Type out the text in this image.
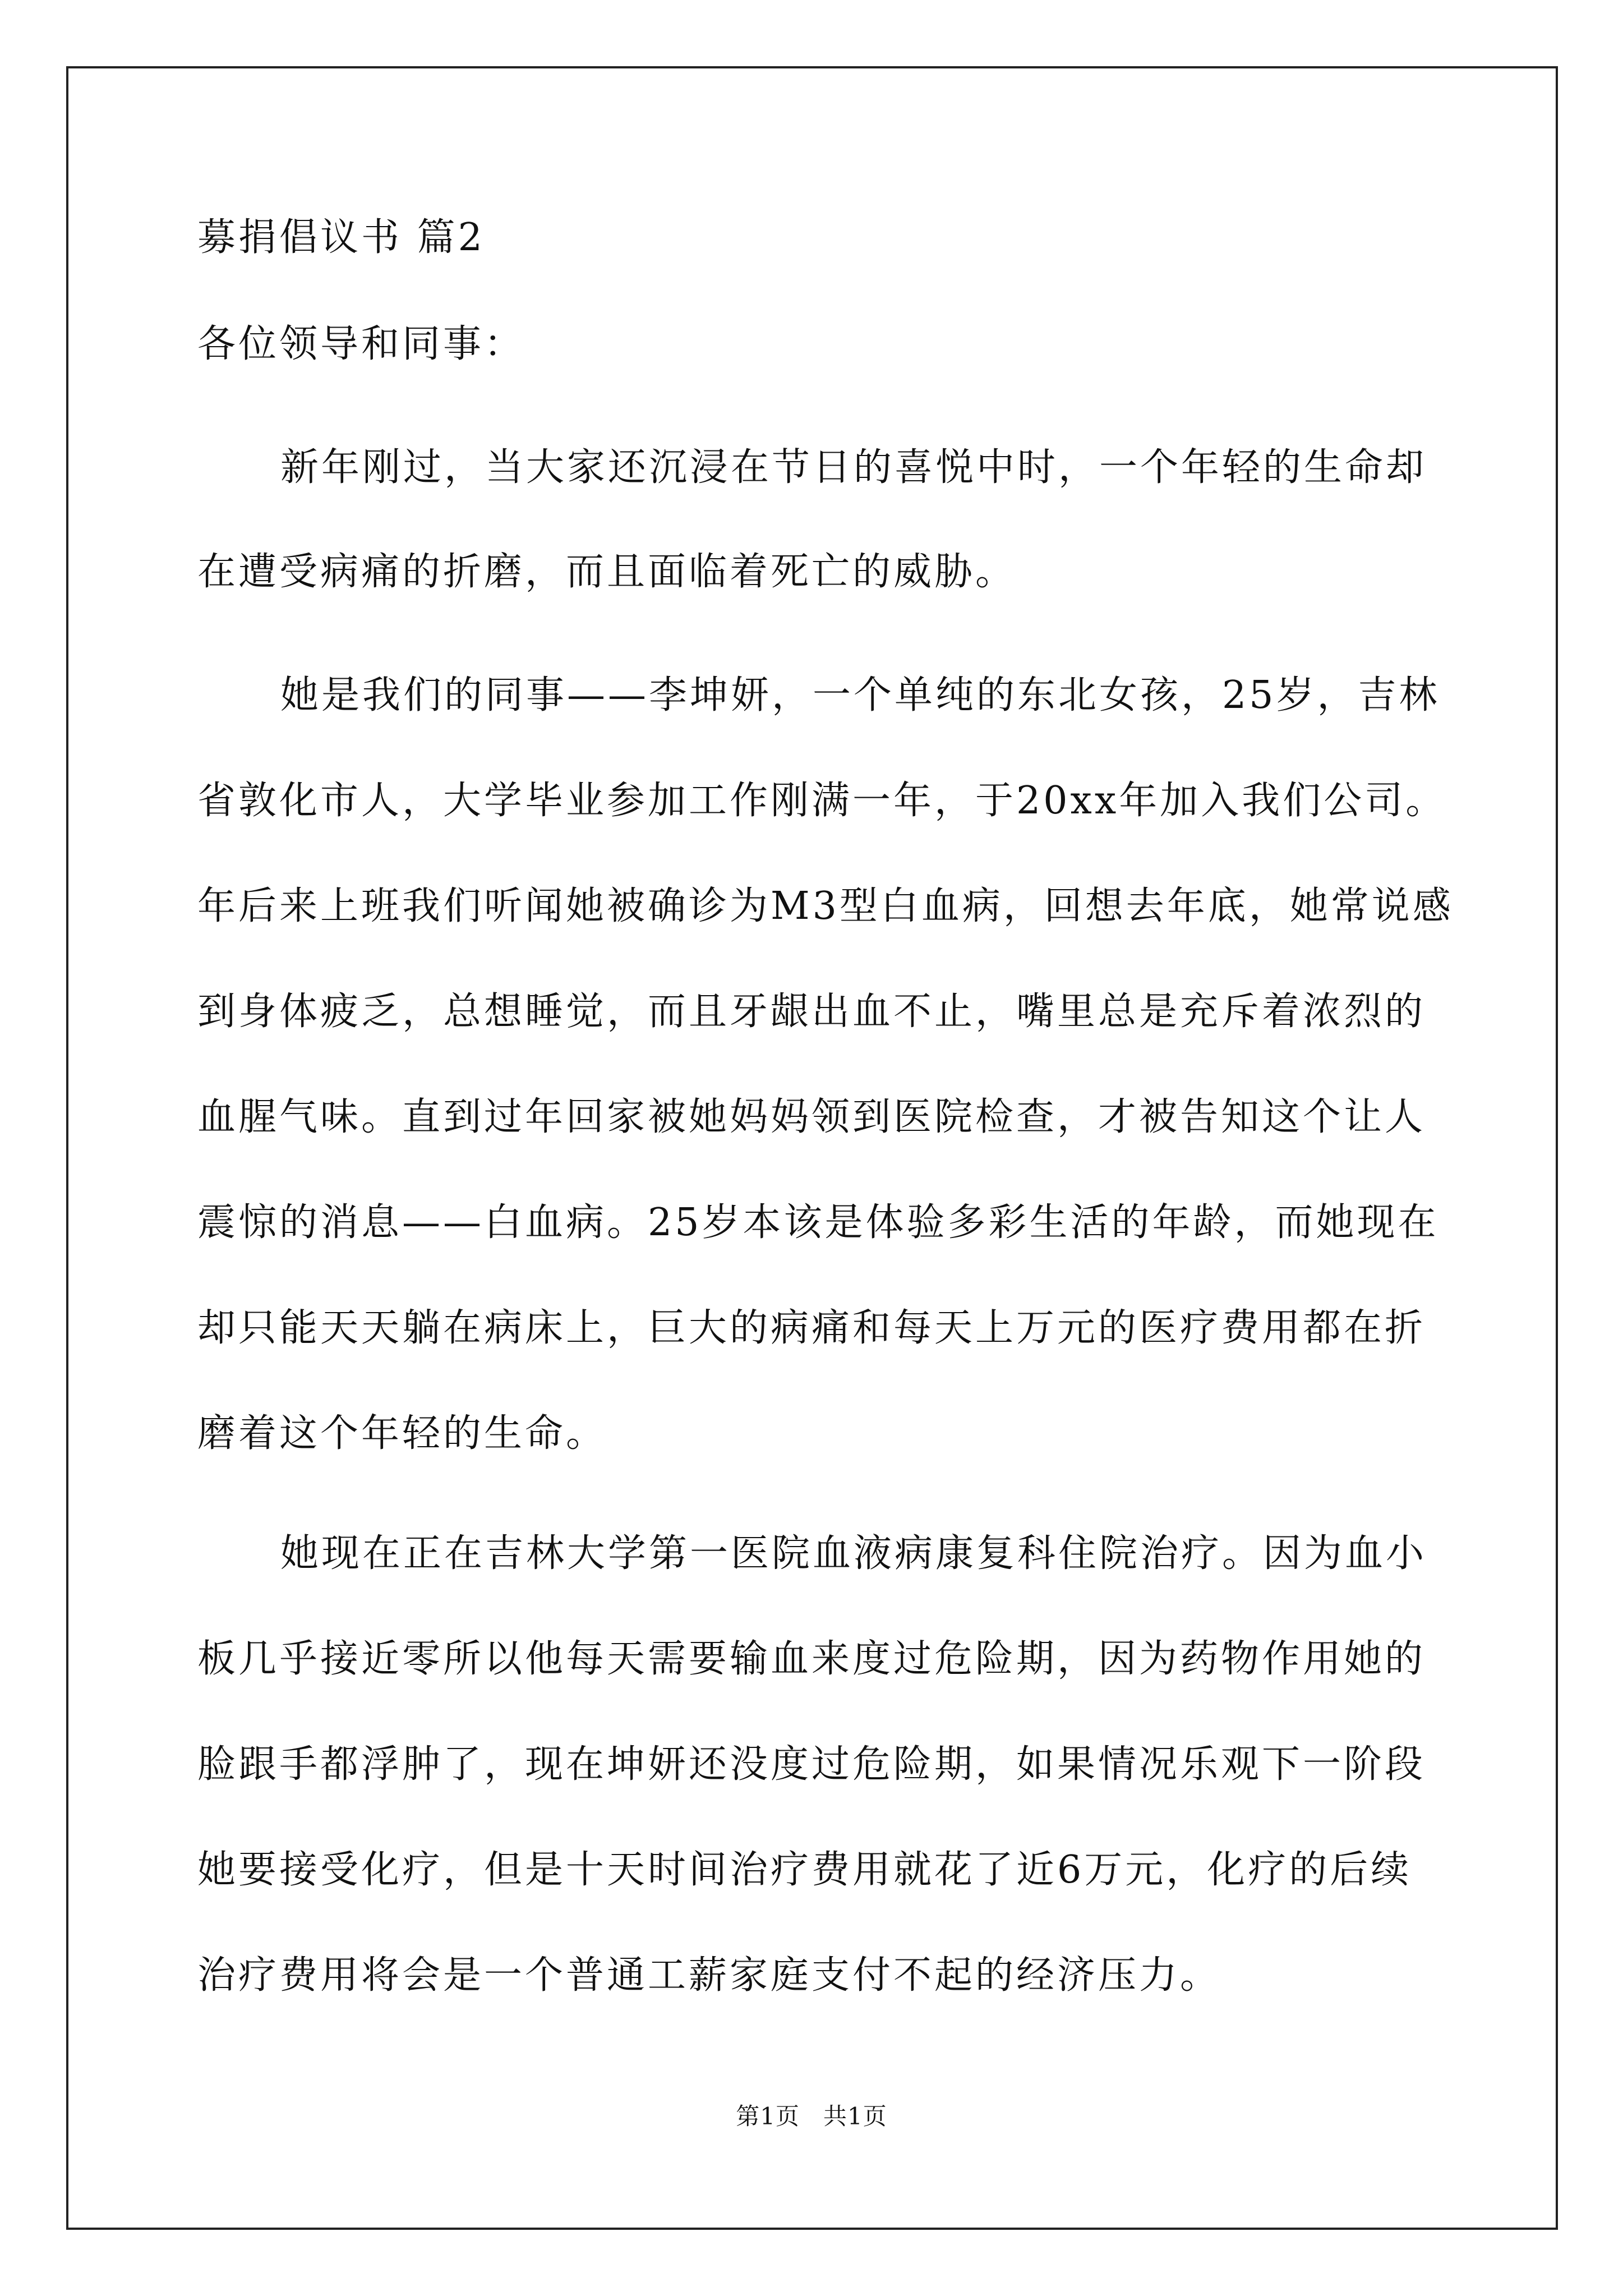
募捐倡议书 篇2
各位领导和同事：
新年刚过，当大家还沉浸在节日的喜悦中时，一个年轻的生命却
在遭受病痛的折磨，而且面临着死亡的威胁。
她是我们的同事——李坤妍，一个单纯的东北女孩，25岁，吉林
省敦化市人，大学毕业参加工作刚满一年，于20xx年加入我们公司。
年后来上班我们听闻她被确诊为M3型白血病，回想去年底，她常说感
到身体疲乏，总想睡觉，而且牙龈出血不止，嘴里总是充斥着浓烈的
血腥气味。直到过年回家被她妈妈领到医院检查，才被告知这个让人
震惊的消息——白血病。25岁本该是体验多彩生活的年龄，而她现在
却只能天天躺在病床上，巨大的病痛和每天上万元的医疗费用都在折
磨着这个年轻的生命。
她现在正在吉林大学第一医院血液病康复科住院治疗。因为血小
板几乎接近零所以他每天需要输血来度过危险期，因为药物作用她的
脸跟手都浮肿了，现在坤妍还没度过危险期，如果情况乐观下一阶段
她要接受化疗，但是十天时间治疗费用就花了近6万元，化疗的后续
治疗费用将会是一个普通工薪家庭支付不起的经济压力。
第1页 共1页
